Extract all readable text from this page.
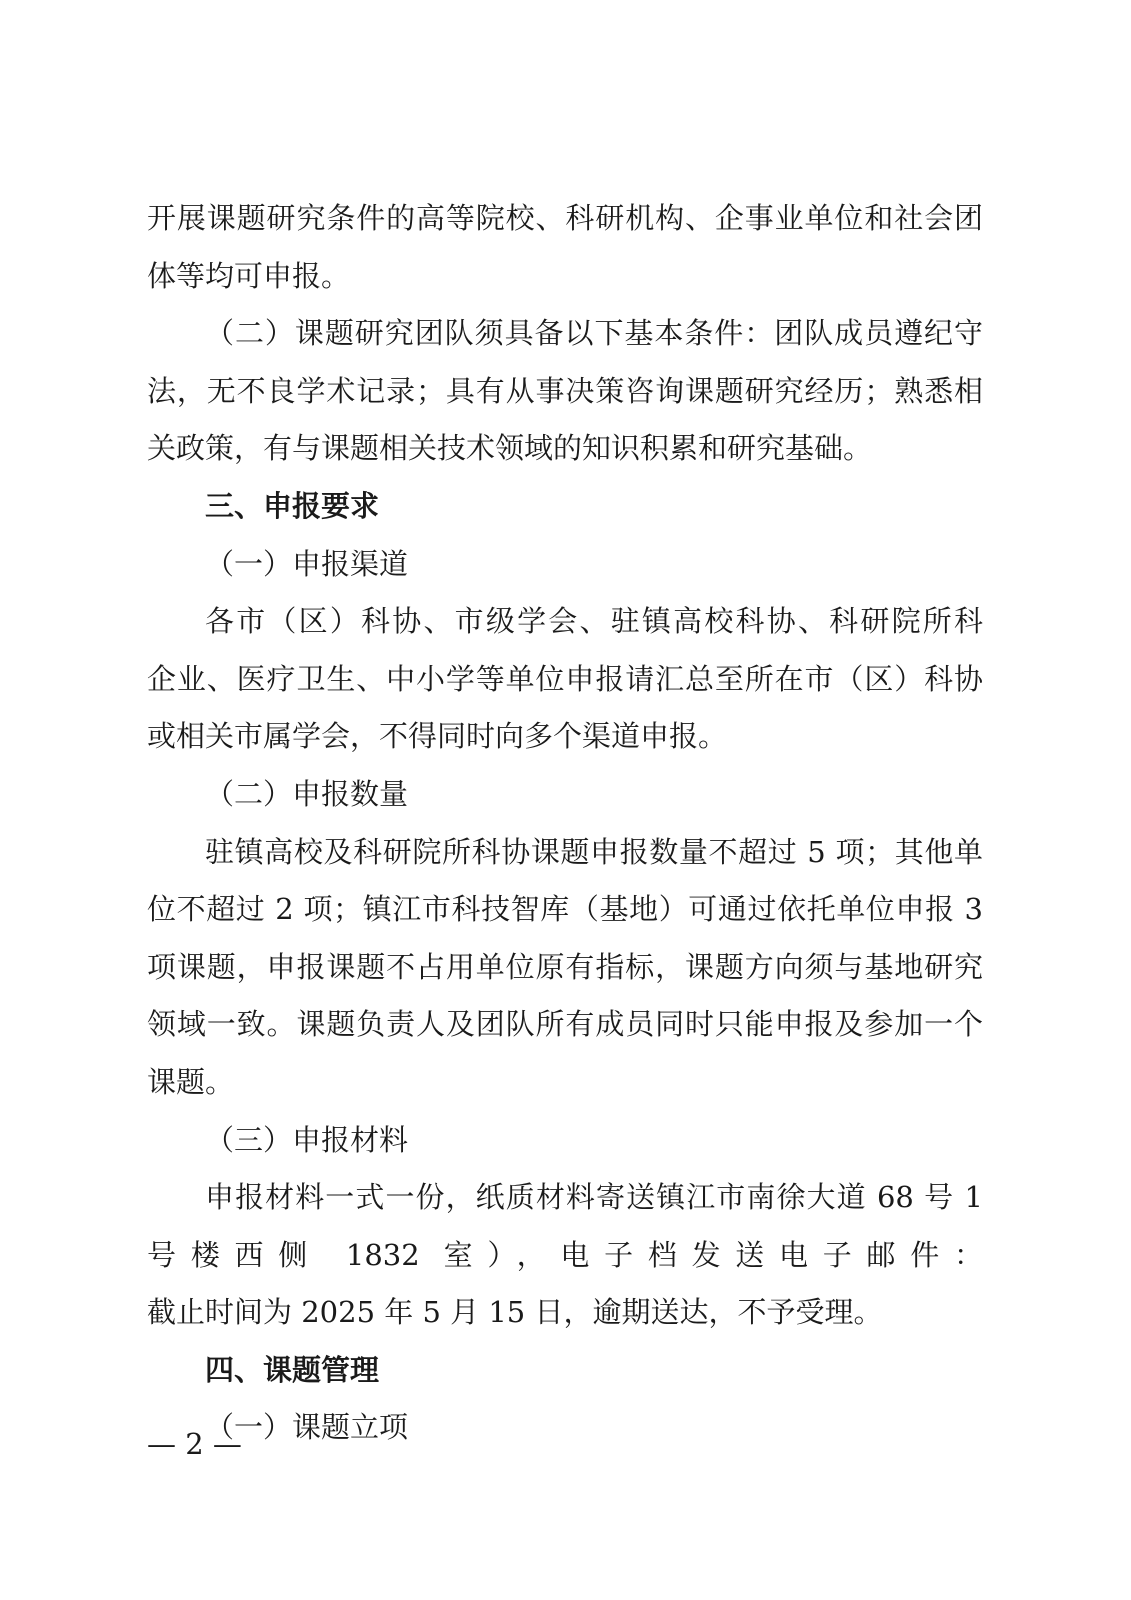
开展课题研究条件的高等院校、科研机构、企事业单位和社会团
体等均可申报。
（二）课题研究团队须具备以下基本条件：团队成员遵纪守
法，无不良学术记录；具有从事决策咨询课题研究经历；熟悉相
关政策，有与课题相关技术领域的知识积累和研究基础。
三、申报要求
（一）申报渠道
各市（区）科协、市级学会、驻镇高校科协、科研院所科
企业、医疗卫生、中小学等单位申报请汇总至所在市（区）科协
或相关市属学会，不得同时向多个渠道申报。
（二）申报数量
驻镇高校及科研院所科协课题申报数量不超过 5 项；其他单
位不超过 2 项；镇江市科技智库（基地）可通过依托单位申报 3
项课题，申报课题不占用单位原有指标，课题方向须与基地研究
领域一致。课题负责人及团队所有成员同时只能申报及参加一个
课题。
（三）申报材料
申报材料一式一份，纸质材料寄送镇江市南徐大道 68 号 1
号楼西侧 1832 室），电子档发送电子邮件：
截止时间为 2025 年 5 月 15 日，逾期送达，不予受理。
四、课题管理
（一）课题立项
— 2 —
